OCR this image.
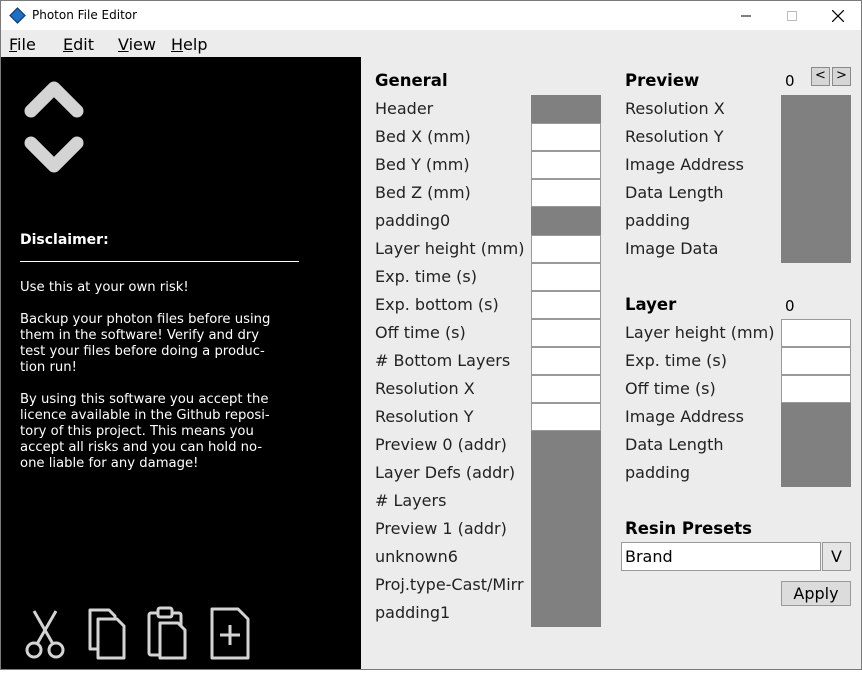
Photon File Editor
File Edit View Help
Disclaimer:
Use this at your own risk!
Backup your photon files before using
them in the software! Verify and dry
test your files before doing a produc-
tion run!
By using this software you accept the
licence available in the Github reposi-
tory of this project. This means you
accept all risks and you can hold no-
one liable for any damage!
General
Header
Bed X (mm)
Bed Y (mm)
Bed Z (mm)
padding0
Layer height (mm)
Exp. time (s)
Exp. bottom (s)
Off time (s)
# Bottom Layers
Resolution X
Resolution Y
Preview 0 (addr)
Layer Defs (addr)
# Layers
Preview 1 (addr)
unknown6
Proj.type-Cast/Mirr
padding1
Preview	0	< >
Resolution X
Resolution Y
Image Address
Data Length
padding
Image Data
Layer	0
Layer height (mm)
Exp. time (s)
Off time (s)
Image Address
Data Length
padding
Resin Presets
Brand	V
Apply
